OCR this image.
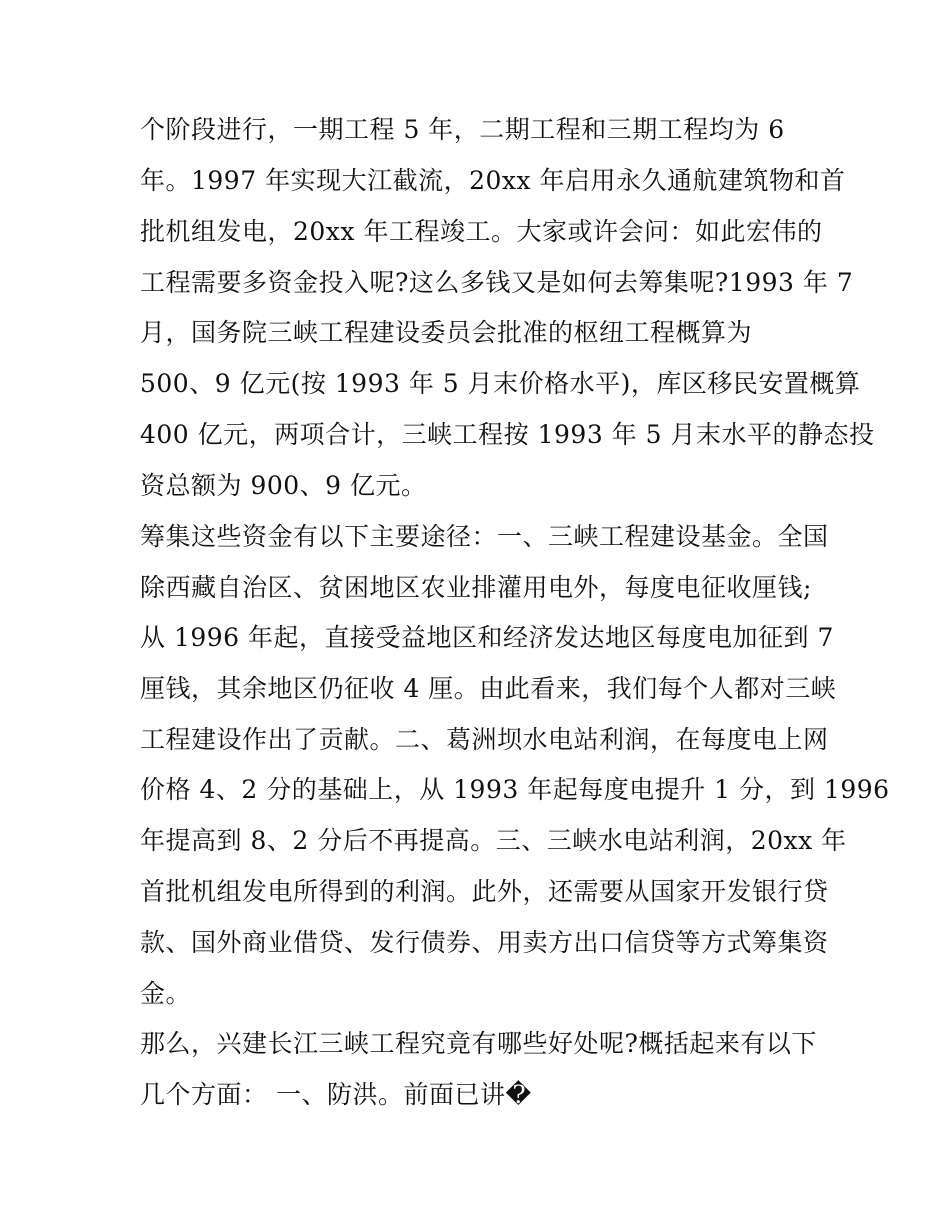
个阶段进行，一期工程 5 年，二期工程和三期工程均为 6
年。1997 年实现大江截流，20xx 年启用永久通航建筑物和首
批机组发电，20xx 年工程竣工。大家或许会问：如此宏伟的
工程需要多资金投入呢?这么多钱又是如何去筹集呢?1993 年 7
月，国务院三峡工程建设委员会批准的枢纽工程概算为
500、9 亿元(按 1993 年 5 月末价格水平)，库区移民安置概算
400 亿元，两项合计，三峡工程按 1993 年 5 月末水平的静态投
资总额为 900、9 亿元。
筹集这些资金有以下主要途径：一、三峡工程建设基金。全国
除西藏自治区、贫困地区农业排灌用电外，每度电征收厘钱;
从 1996 年起，直接受益地区和经济发达地区每度电加征到 7
厘钱，其余地区仍征收 4 厘。由此看来，我们每个人都对三峡
工程建设作出了贡献。二、葛洲坝水电站利润，在每度电上网
价格 4、2 分的基础上，从 1993 年起每度电提升 1 分，到 1996
年提高到 8、2 分后不再提高。三、三峡水电站利润，20xx 年
首批机组发电所得到的利润。此外，还需要从国家开发银行贷
款、国外商业借贷、发行债券、用卖方出口信贷等方式筹集资
金。
那么，兴建长江三峡工程究竟有哪些好处呢?概括起来有以下
几个方面： 一、防洪。前面已讲�
